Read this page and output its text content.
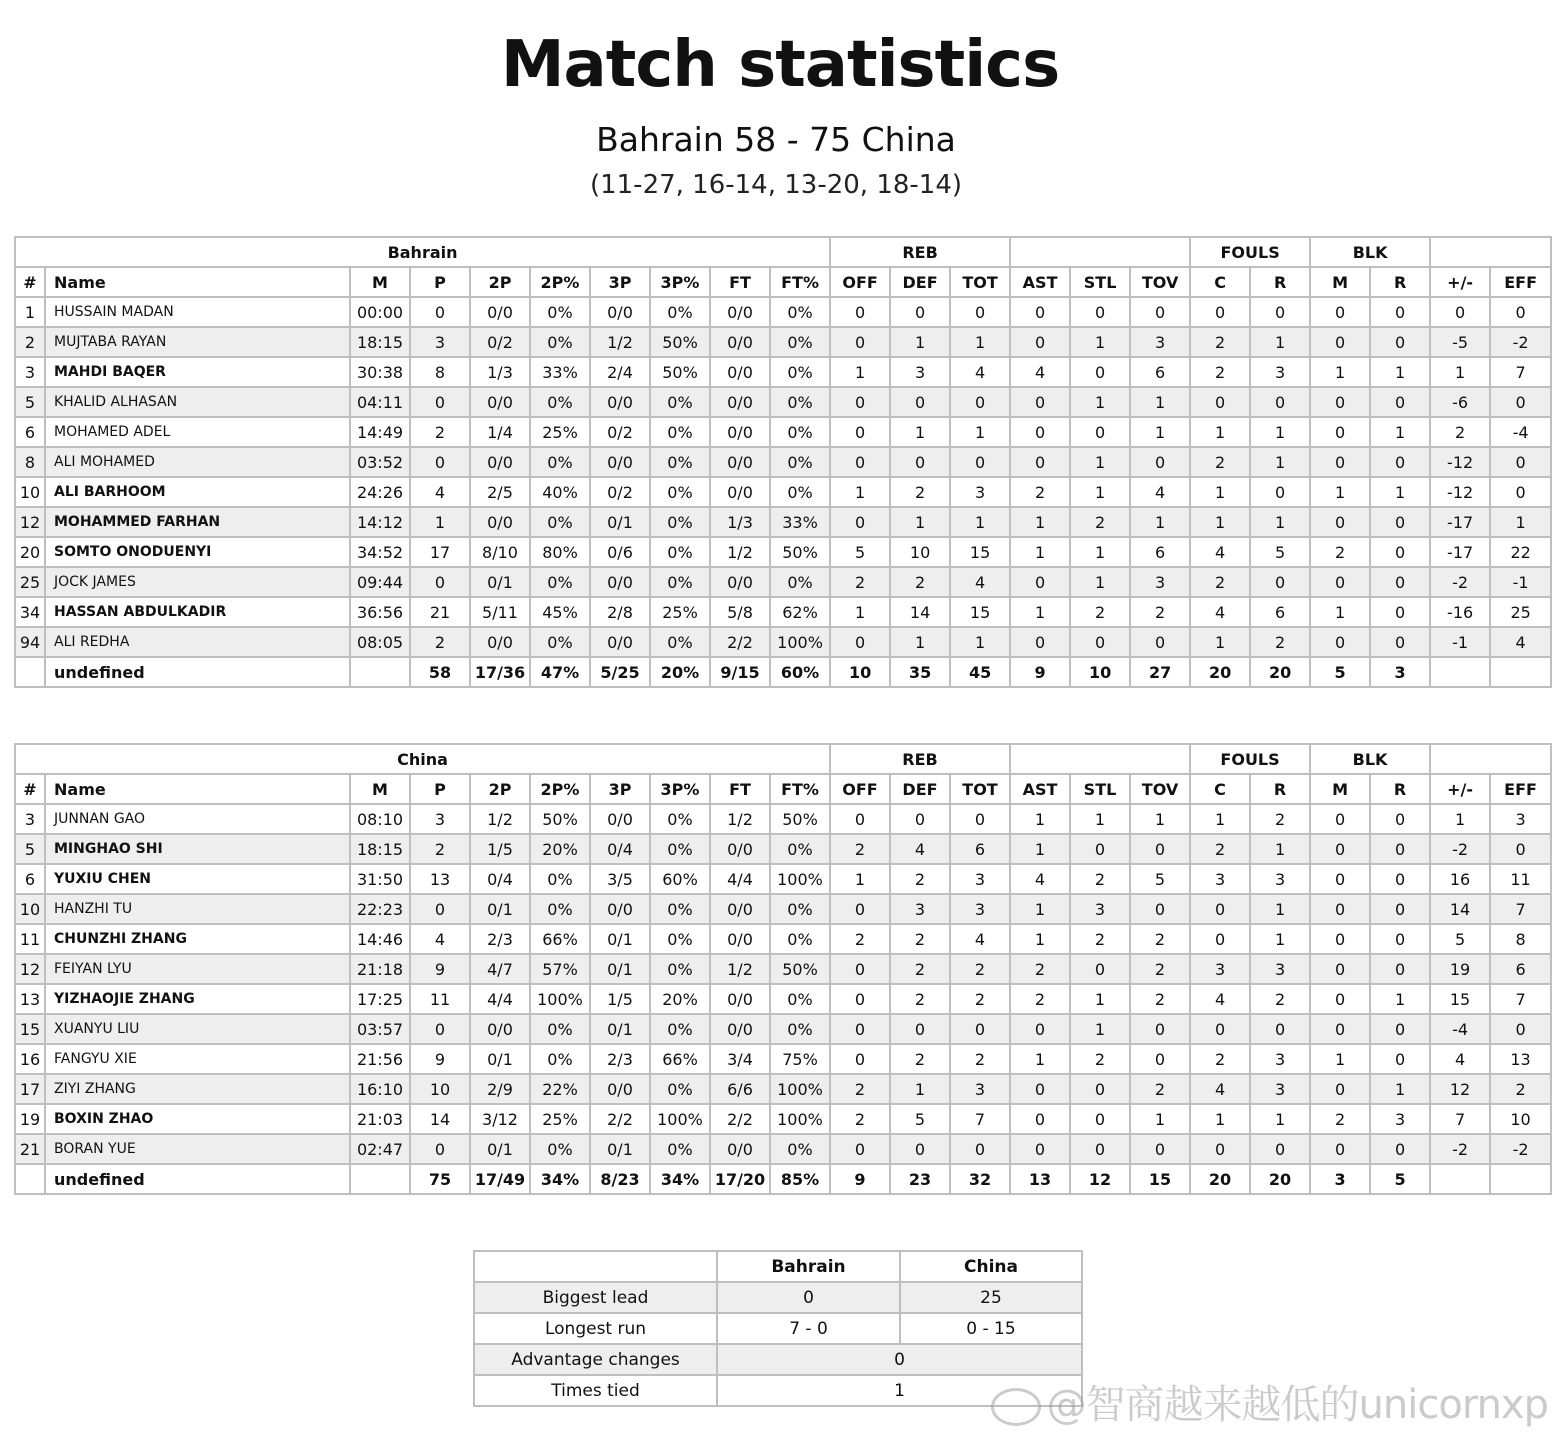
Match statistics
Bahrain 58 - 75 China
(11-27, 16-14, 13-20, 18-14)
Bahrain										REB						FOULS		BLK			
#	Name	M	P	2P	2P%	3P	3P%	FT	FT%	OFF	DEF	TOT	AST	STL	TOV	C	R	M	R	+/-	EFF
1	HUSSAIN MADAN	00:00	0	0/0	0%	0/0	0%	0/0	0%	0	0	0	0	0	0	0	0	0	0	0	0
2	MUJTABA RAYAN	18:15	3	0/2	0%	1/2	50%	0/0	0%	0	1	1	0	1	3	2	1	0	0	-5	-2
3	MAHDI BAQER	30:38	8	1/3	33%	2/4	50%	0/0	0%	1	3	4	4	0	6	2	3	1	1	1	7
5	KHALID ALHASAN	04:11	0	0/0	0%	0/0	0%	0/0	0%	0	0	0	0	1	1	0	0	0	0	-6	0
6	MOHAMED ADEL	14:49	2	1/4	25%	0/2	0%	0/0	0%	0	1	1	0	0	1	1	1	0	1	2	-4
8	ALI MOHAMED	03:52	0	0/0	0%	0/0	0%	0/0	0%	0	0	0	0	1	0	2	1	0	0	-12	0
10	ALI BARHOOM	24:26	4	2/5	40%	0/2	0%	0/0	0%	1	2	3	2	1	4	1	0	1	1	-12	0
12	MOHAMMED FARHAN	14:12	1	0/0	0%	0/1	0%	1/3	33%	0	1	1	1	2	1	1	1	0	0	-17	1
20	SOMTO ONODUENYI	34:52	17	8/10	80%	0/6	0%	1/2	50%	5	10	15	1	1	6	4	5	2	0	-17	22
25	JOCK JAMES	09:44	0	0/1	0%	0/0	0%	0/0	0%	2	2	4	0	1	3	2	0	0	0	-2	-1
34	HASSAN ABDULKADIR	36:56	21	5/11	45%	2/8	25%	5/8	62%	1	14	15	1	2	2	4	6	1	0	-16	25
94	ALI REDHA	08:05	2	0/0	0%	0/0	0%	2/2	100%	0	1	1	0	0	0	1	2	0	0	-1	4
	undefined		58	17/36	47%	5/25	20%	9/15	60%	10	35	45	9	10	27	20	20	5	3		
China										REB						FOULS		BLK			
#	Name	M	P	2P	2P%	3P	3P%	FT	FT%	OFF	DEF	TOT	AST	STL	TOV	C	R	M	R	+/-	EFF
3	JUNNAN GAO	08:10	3	1/2	50%	0/0	0%	1/2	50%	0	0	0	1	1	1	1	2	0	0	1	3
5	MINGHAO SHI	18:15	2	1/5	20%	0/4	0%	0/0	0%	2	4	6	1	0	0	2	1	0	0	-2	0
6	YUXIU CHEN	31:50	13	0/4	0%	3/5	60%	4/4	100%	1	2	3	4	2	5	3	3	0	0	16	11
10	HANZHI TU	22:23	0	0/1	0%	0/0	0%	0/0	0%	0	3	3	1	3	0	0	1	0	0	14	7
11	CHUNZHI ZHANG	14:46	4	2/3	66%	0/1	0%	0/0	0%	2	2	4	1	2	2	0	1	0	0	5	8
12	FEIYAN LYU	21:18	9	4/7	57%	0/1	0%	1/2	50%	0	2	2	2	0	2	3	3	0	0	19	6
13	YIZHAOJIE ZHANG	17:25	11	4/4	100%	1/5	20%	0/0	0%	0	2	2	2	1	2	4	2	0	1	15	7
15	XUANYU LIU	03:57	0	0/0	0%	0/1	0%	0/0	0%	0	0	0	0	1	0	0	0	0	0	-4	0
16	FANGYU XIE	21:56	9	0/1	0%	2/3	66%	3/4	75%	0	2	2	1	2	0	2	3	1	0	4	13
17	ZIYI ZHANG	16:10	10	2/9	22%	0/0	0%	6/6	100%	2	1	3	0	0	2	4	3	0	1	12	2
19	BOXIN ZHAO	21:03	14	3/12	25%	2/2	100%	2/2	100%	2	5	7	0	0	1	1	1	2	3	7	10
21	BORAN YUE	02:47	0	0/1	0%	0/1	0%	0/0	0%	0	0	0	0	0	0	0	0	0	0	-2	-2
	undefined		75	17/49	34%	8/23	34%	17/20	85%	9	23	32	13	12	15	20	20	3	5		
	Bahrain	China
Biggest lead	0	25
Longest run	7 - 0	0 - 15
Advantage changes	0	
Times tied	1		@智商越来越低的unicornxp
